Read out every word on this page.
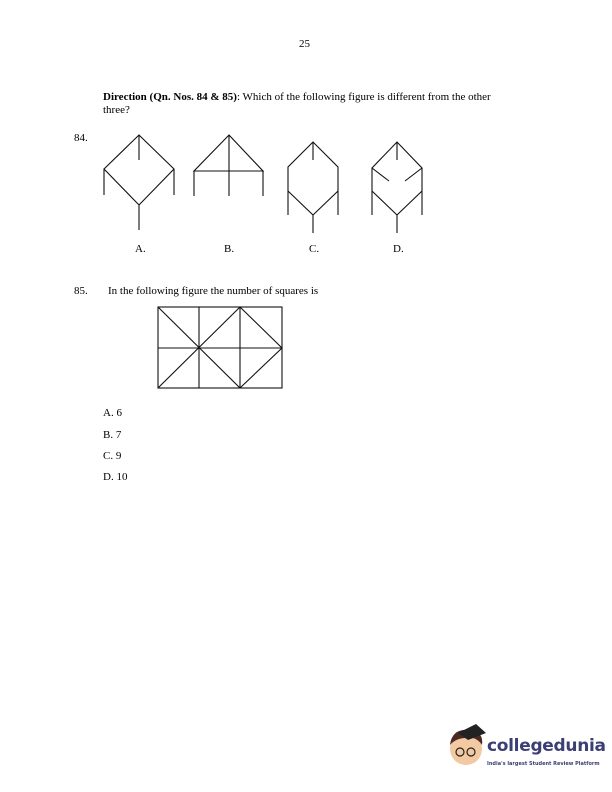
25
Direction (Qn. Nos. 84 & 85): Which of the following figure is different from the other
three?
84.
A.	B.	C.	D.
85. In the following figure the number of squares is
A. 6
B. 7
C. 9
D. 10
collegedunia
India's largest Student Review Platform
